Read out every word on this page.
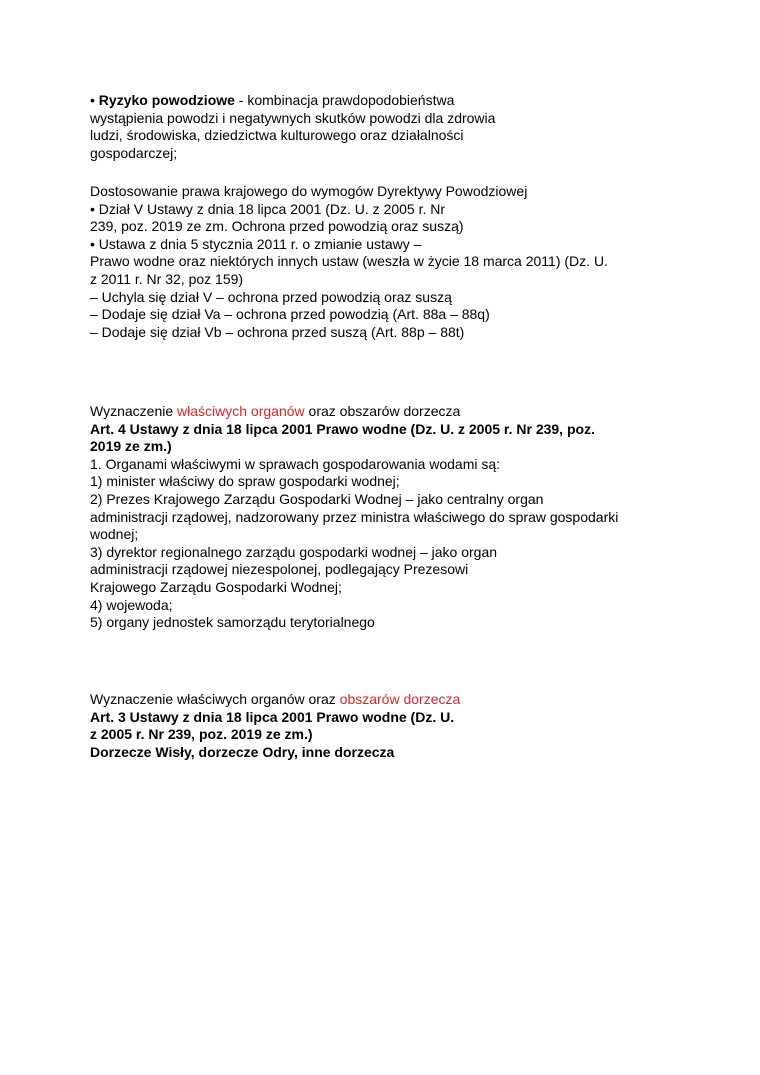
• Ryzyko powodziowe - kombinacja prawdopodobieństwa
wystąpienia powodzi i negatywnych skutków powodzi dla zdrowia
ludzi, środowiska, dziedzictwa kulturowego oraz działalności
gospodarczej;
Dostosowanie prawa krajowego do wymogów Dyrektywy Powodziowej
• Dział V Ustawy z dnia 18 lipca 2001 (Dz. U. z 2005 r. Nr
239, poz. 2019 ze zm. Ochrona przed powodzią oraz suszą)
• Ustawa z dnia 5 stycznia 2011 r. o zmianie ustawy –
Prawo wodne oraz niektórych innych ustaw (weszła w życie 18 marca 2011) (Dz. U.
z 2011 r. Nr 32, poz 159)
– Uchyla się dział V – ochrona przed powodzią oraz suszą
– Dodaje się dział Va – ochrona przed powodzią (Art. 88a – 88q)
– Dodaje się dział Vb – ochrona przed suszą (Art. 88p – 88t)
Wyznaczenie właściwych organów oraz obszarów dorzecza
Art. 4 Ustawy z dnia 18 lipca 2001 Prawo wodne (Dz. U. z 2005 r. Nr 239, poz.
2019 ze zm.)
1. Organami właściwymi w sprawach gospodarowania wodami są:
1) minister właściwy do spraw gospodarki wodnej;
2) Prezes Krajowego Zarządu Gospodarki Wodnej – jako centralny organ
administracji rządowej, nadzorowany przez ministra właściwego do spraw gospodarki
wodnej;
3) dyrektor regionalnego zarządu gospodarki wodnej – jako organ
administracji rządowej niezespolonej, podlegający Prezesowi
Krajowego Zarządu Gospodarki Wodnej;
4) wojewoda;
5) organy jednostek samorządu terytorialnego
Wyznaczenie właściwych organów oraz obszarów dorzecza
Art. 3 Ustawy z dnia 18 lipca 2001 Prawo wodne (Dz. U.
z 2005 r. Nr 239, poz. 2019 ze zm.)
Dorzecze Wisły, dorzecze Odry, inne dorzecza
